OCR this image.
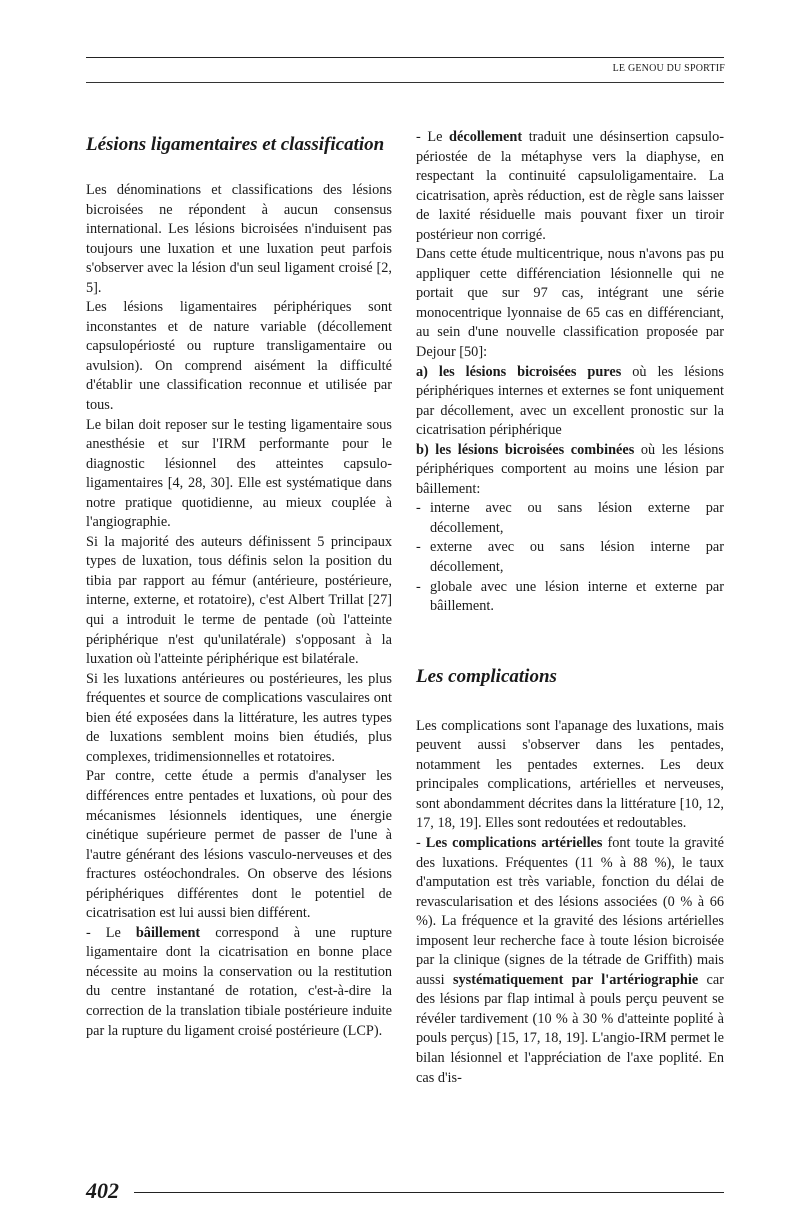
LE GENOU DU SPORTIF
Lésions ligamentaires et classification

Les dénominations et classifications des lésions bicroisées ne répondent à aucun consensus international. Les lésions bicroisées n'induisent pas toujours une luxation et une luxation peut parfois s'observer avec la lésion d'un seul ligament croisé [2, 5].

Les lésions ligamentaires périphériques sont inconstantes et de nature variable (décollement capsulopériosté ou rupture transligamentaire ou avulsion). On comprend aisément la difficulté d'établir une classification reconnue et utilisée par tous.

Le bilan doit reposer sur le testing ligamentaire sous anesthésie et sur l'IRM performante pour le diagnostic lésionnel des atteintes capsulo-ligamentaires [4, 28, 30]. Elle est systématique dans notre pratique quotidienne, au mieux couplée à l'angiographie.

Si la majorité des auteurs définissent 5 principaux types de luxation, tous définis selon la position du tibia par rapport au fémur (antérieure, postérieure, interne, externe, et rotatoire), c'est Albert Trillat [27] qui a introduit le terme de pentade (où l'atteinte périphérique n'est qu'unilatérale) s'opposant à la luxation où l'atteinte périphérique est bilatérale.

Si les luxations antérieures ou postérieures, les plus fréquentes et source de complications vasculaires ont bien été exposées dans la littérature, les autres types de luxations semblent moins bien étudiés, plus complexes, tridimensionnelles et rotatoires.

Par contre, cette étude a permis d'analyser les différences entre pentades et luxations, où pour des mécanismes lésionnels identiques, une énergie cinétique supérieure permet de passer de l'une à l'autre générant des lésions vasculo-nerveuses et des fractures ostéochondrales. On observe des lésions périphériques différentes dont le potentiel de cicatrisation est lui aussi bien différent.

- Le bâillement correspond à une rupture ligamentaire dont la cicatrisation en bonne place nécessite au moins la conservation ou la restitution du centre instantané de rotation, c'est-à-dire la correction de la translation tibiale postérieure induite par la rupture du ligament croisé postérieure (LCP).

- Le décollement traduit une désinsertion capsulo-périostée de la métaphyse vers la diaphyse, en respectant la continuité capsuloligamentaire. La cicatrisation, après réduction, est de règle sans laisser de laxité résiduelle mais pouvant fixer un tiroir postérieur non corrigé.

Dans cette étude multicentrique, nous n'avons pas pu appliquer cette différenciation lésionnelle qui ne portait que sur 97 cas, intégrant une série monocentrique lyonnaise de 65 cas en différenciant, au sein d'une nouvelle classification proposée par Dejour [50]:

a) les lésions bicroisées pures où les lésions périphériques internes et externes se font uniquement par décollement, avec un excellent pronostic sur la cicatrisation périphérique

b) les lésions bicroisées combinées où les lésions périphériques comportent au moins une lésion par bâillement:

- interne avec ou sans lésion externe par décollement,
- externe avec ou sans lésion interne par décollement,
- globale avec une lésion interne et externe par bâillement.
Les complications

Les complications sont l'apanage des luxations, mais peuvent aussi s'observer dans les pentades, notamment les pentades externes. Les deux principales complications, artérielles et nerveuses, sont abondamment décrites dans la littérature [10, 12, 17, 18, 19]. Elles sont redoutées et redoutables.

- Les complications artérielles font toute la gravité des luxations. Fréquentes (11 % à 88 %), le taux d'amputation est très variable, fonction du délai de revascularisation et des lésions associées (0 % à 66 %). La fréquence et la gravité des lésions artérielles imposent leur recherche face à toute lésion bicroisée par la clinique (signes de la tétrade de Griffith) mais aussi systématiquement par l'artériographie car des lésions par flap intimal à pouls perçu peuvent se révéler tardivement (10 % à 30 % d'atteinte poplité à pouls perçus) [15, 17, 18, 19]. L'angio-IRM permet le bilan lésionnel et l'appréciation de l'axe poplité. En cas d'is-

402
